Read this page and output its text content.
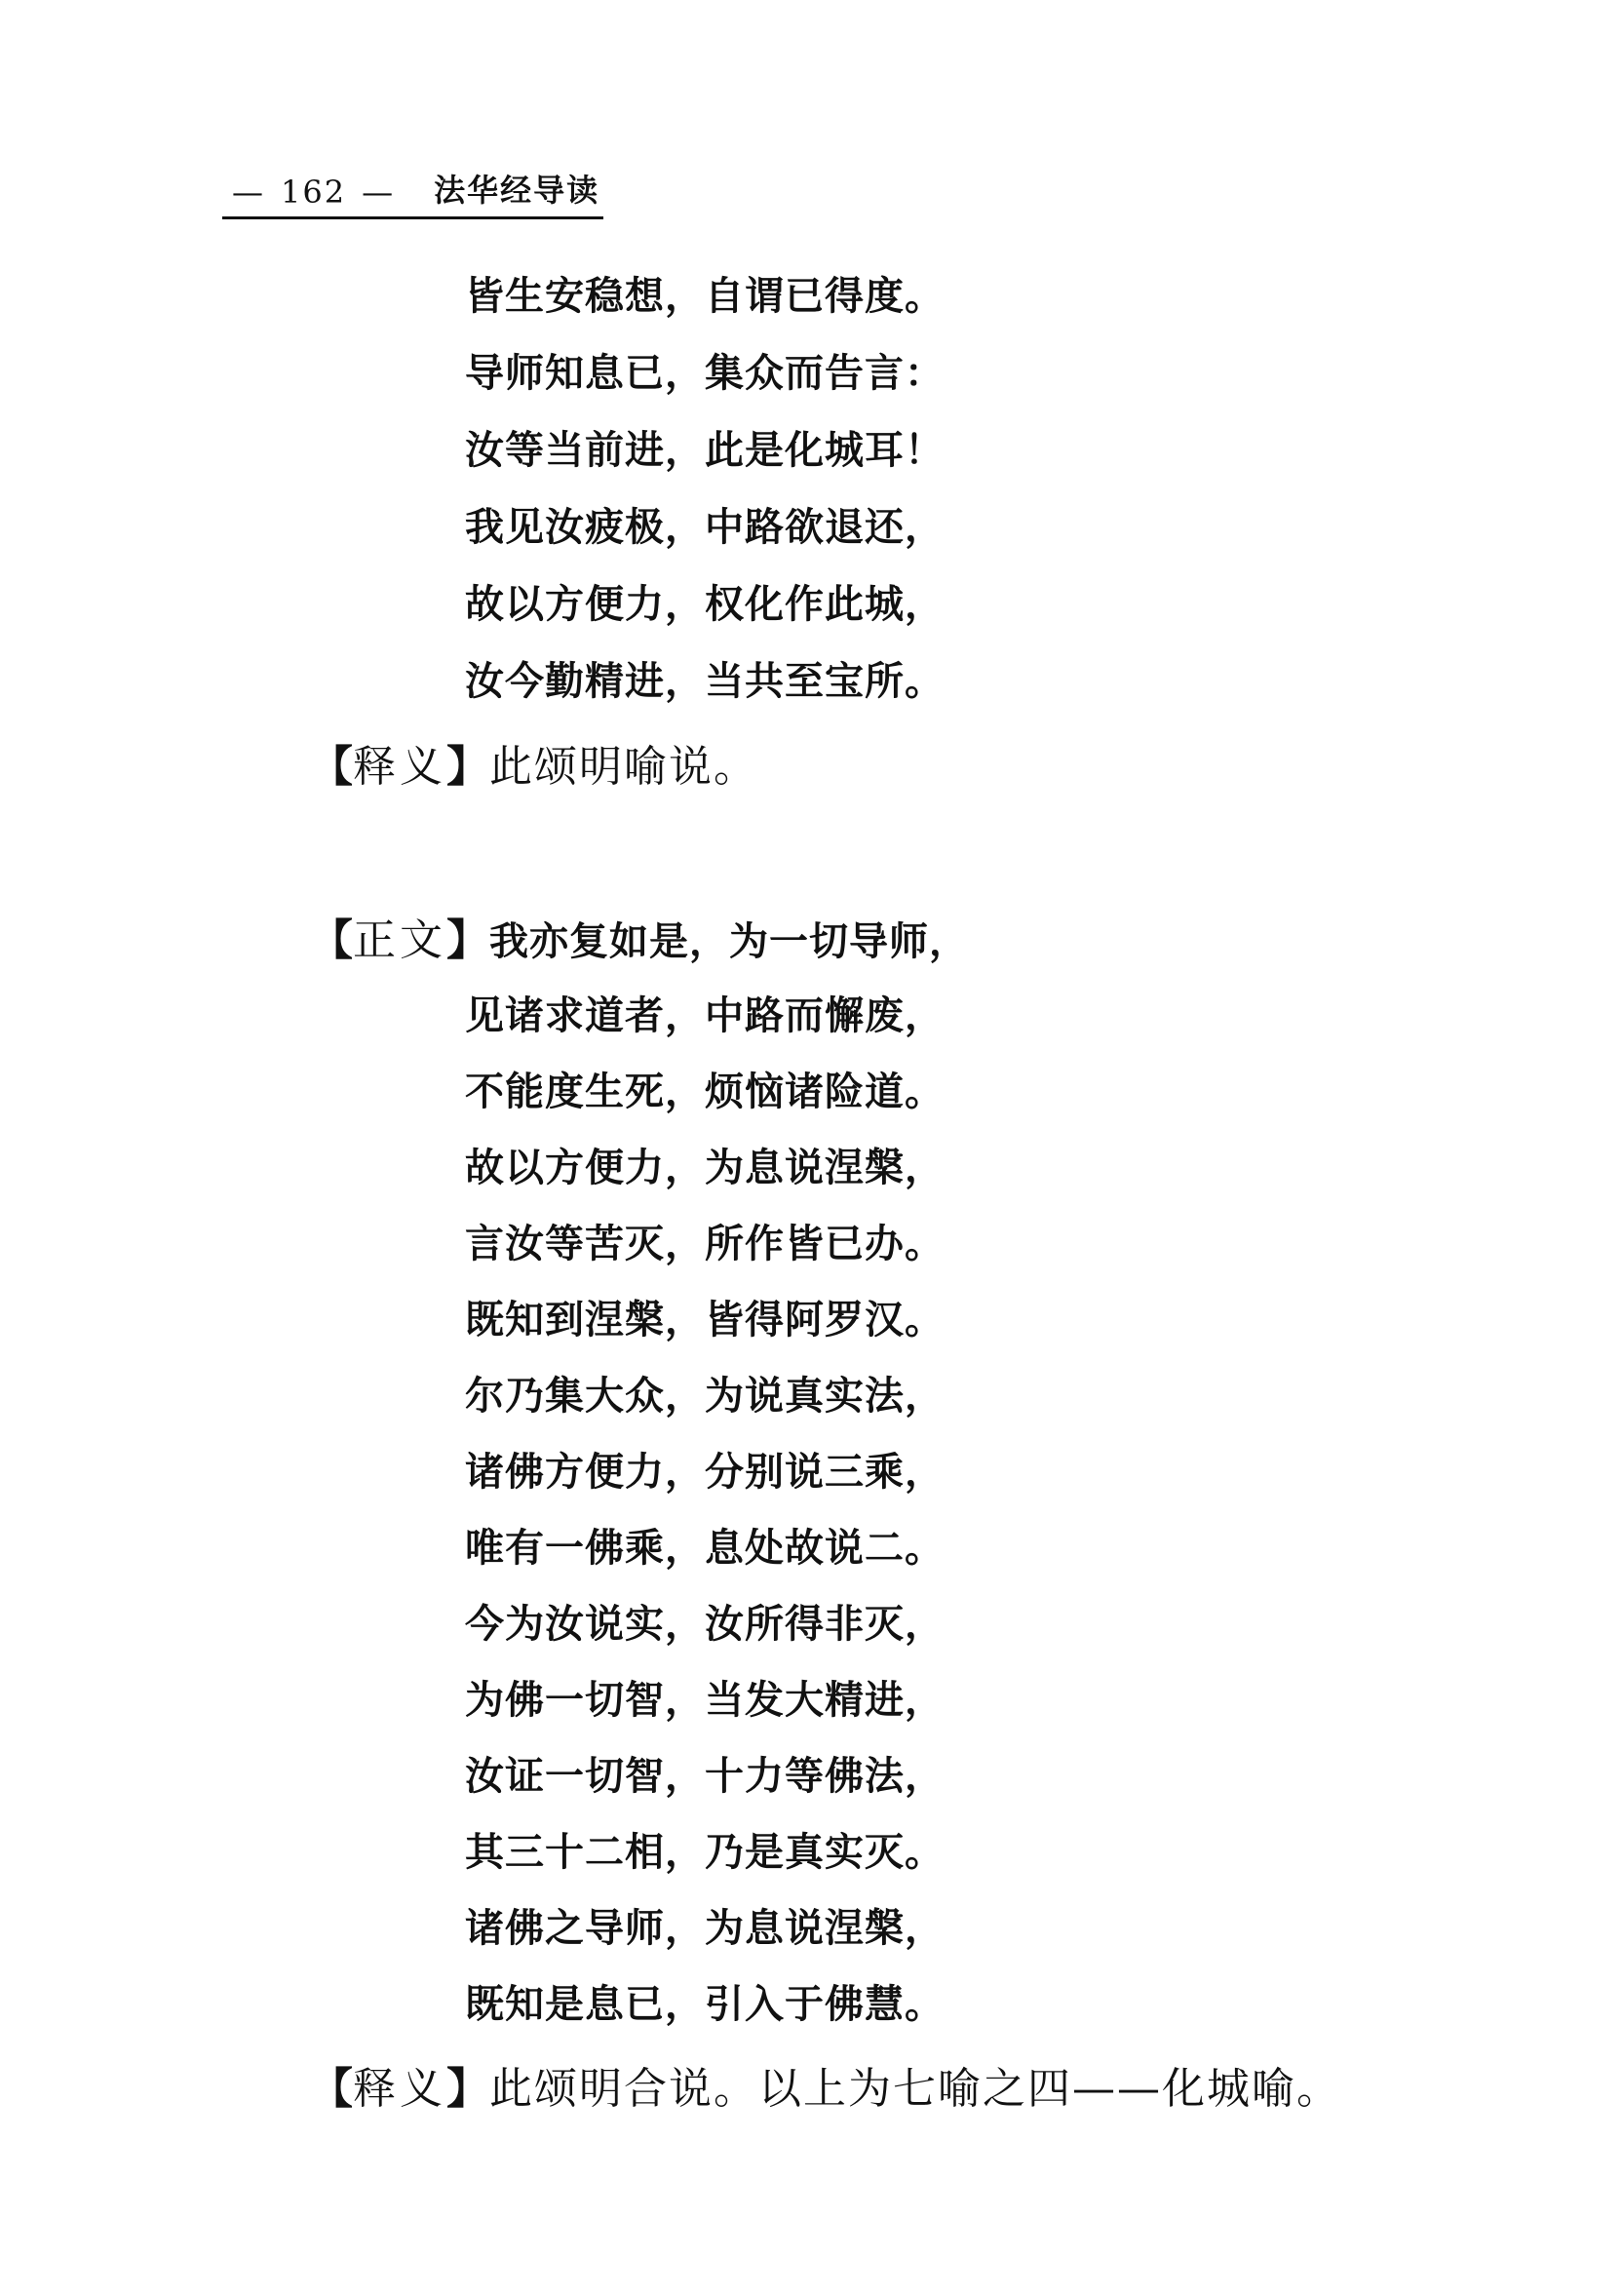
— 162 — 法华经导读
皆生安稳想，自谓已得度。
导师知息已，集众而告言：
汝等当前进，此是化城耳！
我见汝疲极，中路欲退还，
故以方便力，权化作此城，
汝今勤精进，当共至宝所。
【释义】此颂明喻说。
【正文】我亦复如是，为一切导师，
见诸求道者，中路而懈废，
不能度生死，烦恼诸险道。
故以方便力，为息说涅槃，
言汝等苦灭，所作皆已办。
既知到涅槃，皆得阿罗汉。
尔乃集大众，为说真实法，
诸佛方便力，分别说三乘，
唯有一佛乘，息处故说二。
今为汝说实，汝所得非灭，
为佛一切智，当发大精进，
汝证一切智，十力等佛法，
其三十二相，乃是真实灭。
诸佛之导师，为息说涅槃，
既知是息已，引入于佛慧。
【释义】此颂明合说。以上为七喻之四——化城喻。
